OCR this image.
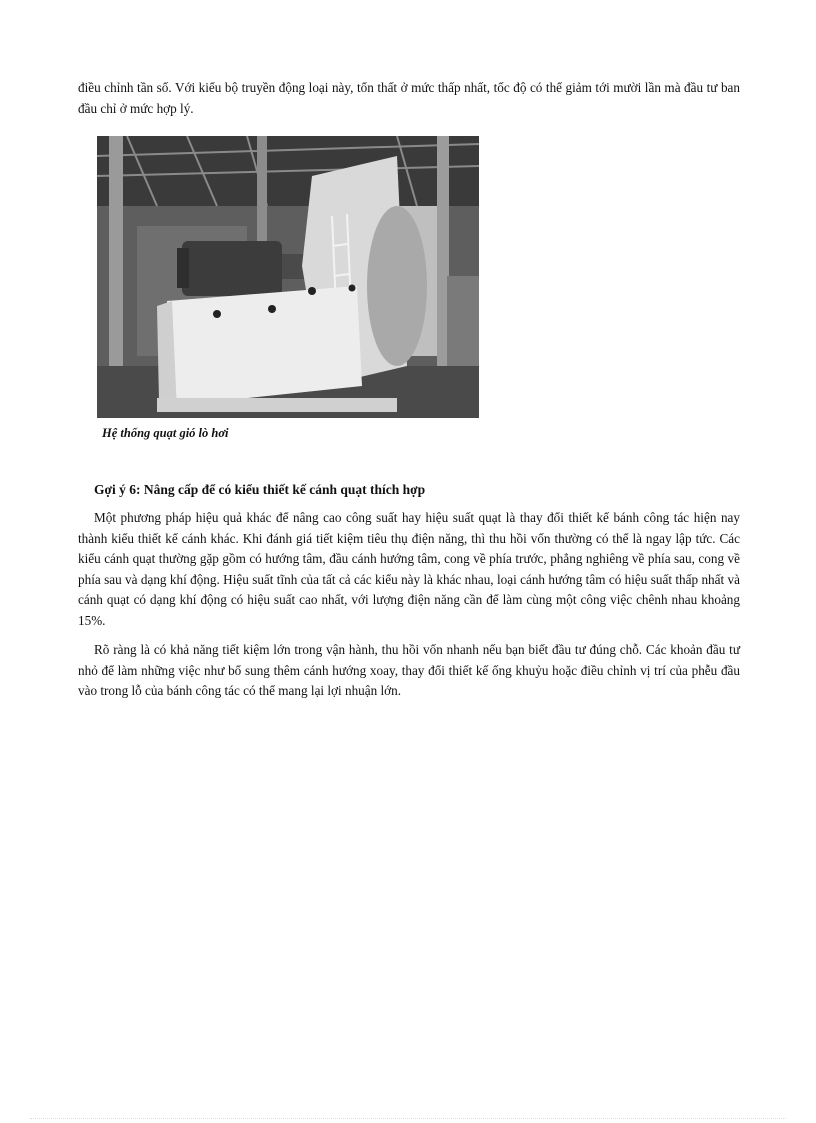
điều chỉnh tần số. Với kiểu bộ truyền động loại này, tổn thất ở mức thấp nhất, tốc độ có thể giảm tới mười lần mà đầu tư ban đầu chỉ ở mức hợp lý.

Hệ thống quạt gió lò hơi

Gợi ý 6: Nâng cấp để có kiểu thiết kế cánh quạt thích hợp

Một phương pháp hiệu quả khác để nâng cao công suất hay hiệu suất quạt là thay đổi thiết kế bánh công tác hiện nay thành kiểu thiết kế cánh khác. Khi đánh giá tiết kiệm tiêu thụ điện năng, thì thu hồi vốn thường có thể là ngay lập tức. Các kiểu cánh quạt thường gặp gồm có hướng tâm, đầu cánh hướng tâm, cong về phía trước, phẳng nghiêng về phía sau, cong về phía sau và dạng khí động. Hiệu suất tĩnh của tất cả các kiểu này là khác nhau, loại cánh hướng tâm có hiệu suất thấp nhất và cánh quạt có dạng khí động có hiệu suất cao nhất, với lượng điện năng cần để làm cùng một công việc chênh nhau khoảng 15%.

Rõ ràng là có khả năng tiết kiệm lớn trong vận hành, thu hồi vốn nhanh nếu bạn biết đầu tư đúng chỗ. Các khoản đầu tư nhỏ để làm những việc như bổ sung thêm cánh hướng xoay, thay đổi thiết kế ống khuỷu hoặc điều chỉnh vị trí của phễu đầu vào trong lỗ của bánh công tác có thể mang lại lợi nhuận lớn.
